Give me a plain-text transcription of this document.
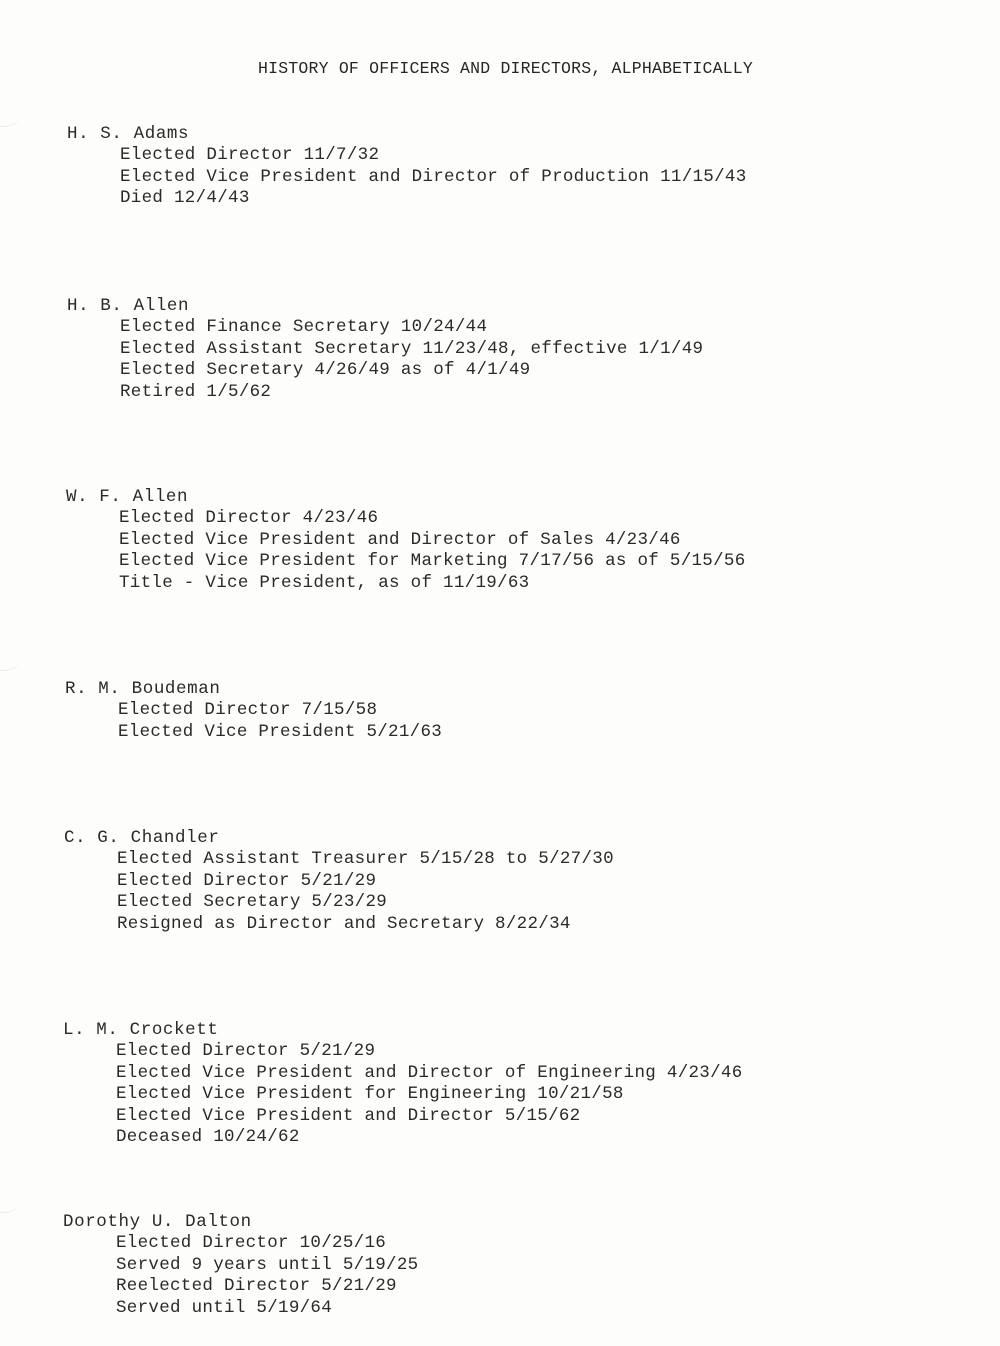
HISTORY OF OFFICERS AND DIRECTORS, ALPHABETICALLY
H. S. Adams
Elected Director 11/7/32
Elected Vice President and Director of Production 11/15/43
Died 12/4/43
H. B. Allen
Elected Finance Secretary 10/24/44
Elected Assistant Secretary 11/23/48, effective 1/1/49
Elected Secretary 4/26/49 as of 4/1/49
Retired 1/5/62
W. F. Allen
Elected Director 4/23/46
Elected Vice President and Director of Sales 4/23/46
Elected Vice President for Marketing 7/17/56 as of 5/15/56
Title - Vice President, as of 11/19/63
R. M. Boudeman
Elected Director 7/15/58
Elected Vice President 5/21/63
C. G. Chandler
Elected Assistant Treasurer 5/15/28 to 5/27/30
Elected Director 5/21/29
Elected Secretary 5/23/29
Resigned as Director and Secretary 8/22/34
L. M. Crockett
Elected Director 5/21/29
Elected Vice President and Director of Engineering 4/23/46
Elected Vice President for Engineering 10/21/58
Elected Vice President and Director 5/15/62
Deceased 10/24/62
Dorothy U. Dalton
Elected Director 10/25/16
Served 9 years until 5/19/25
Reelected Director 5/21/29
Served until 5/19/64
